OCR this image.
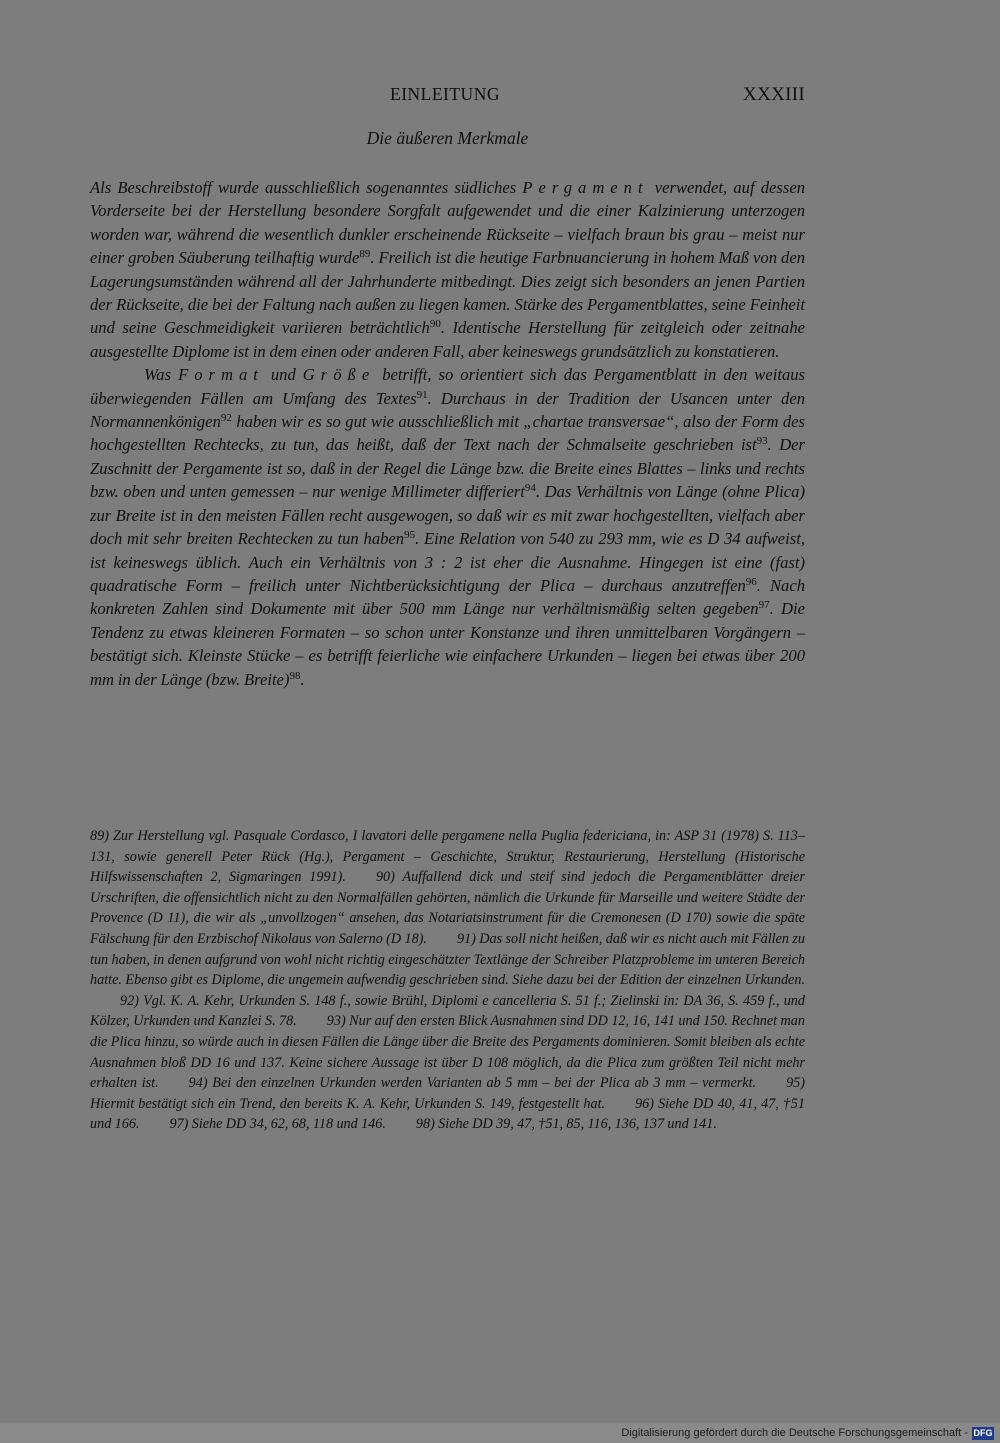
EINLEITUNG	XXXIII
Die äußeren Merkmale

Als Beschreibstoff wurde ausschließlich sogenanntes südliches Pergament verwendet, auf dessen Vorderseite bei der Herstellung besondere Sorgfalt aufgewendet und die einer Kalzinierung unterzogen worden war, während die wesentlich dunkler erscheinende Rückseite – vielfach braun bis grau – meist nur einer groben Säuberung teilhaftig wurde$^{89}$. Freilich ist die heutige Farbnuancierung in hohem Maß von den Lagerungsumständen während all der Jahrhunderte mitbedingt. Dies zeigt sich besonders an jenen Partien der Rückseite, die bei der Faltung nach außen zu liegen kamen. Stärke des Pergamentblattes, seine Feinheit und seine Geschmeidigkeit variieren beträchtlich$^{90}$. Identische Herstellung für zeitgleich oder zeitnahe ausgestellte Diplome ist in dem einen oder anderen Fall, aber keineswegs grundsätzlich zu konstatieren.

Was Format und Größe betrifft, so orientiert sich das Pergamentblatt in den weitaus überwiegenden Fällen am Umfang des Textes$^{91}$. Durchaus in der Tradition der Usancen unter den Normannenkönigen$^{92}$ haben wir es so gut wie ausschließlich mit „chartae transversae“, also der Form des hochgestellten Rechtecks, zu tun, das heißt, daß der Text nach der Schmalseite geschrieben ist$^{93}$. Der Zuschnitt der Pergamente ist so, daß in der Regel die Länge bzw. die Breite eines Blattes – links und rechts bzw. oben und unten gemessen – nur wenige Millimeter differiert$^{94}$. Das Verhältnis von Länge (ohne Plica) zur Breite ist in den meisten Fällen recht ausgewogen, so daß wir es mit zwar hochgestellten, vielfach aber doch mit sehr breiten Rechtecken zu tun haben$^{95}$. Eine Relation von 540 zu 293 mm, wie es D 34 aufweist, ist keineswegs üblich. Auch ein Verhältnis von 3 : 2 ist eher die Ausnahme. Hingegen ist eine (fast) quadratische Form – freilich unter Nichtberücksichtigung der Plica – durchaus anzutreffen$^{96}$. Nach konkreten Zahlen sind Dokumente mit über 500 mm Länge nur verhältnismäßig selten gegeben$^{97}$. Die Tendenz zu etwas kleineren Formaten – so schon unter Konstanze und ihren unmittelbaren Vorgängern – bestätigt sich. Kleinste Stücke – es betrifft feierliche wie einfachere Urkunden – liegen bei etwas über 200 mm in der Länge (bzw. Breite)$^{98}$.

89) Zur Herstellung vgl. Pasquale Cordasco, I lavatori delle pergamene nella Puglia federiciana, in: ASP 31 (1978) S. 113–131, sowie generell Peter Rück (Hg.), Pergament – Geschichte, Struktur, Restaurierung, Herstellung (Historische Hilfswissenschaften 2, Sigmaringen 1991). 90) Auffallend dick und steif sind jedoch die Pergamentblätter dreier Urschriften, die offensichtlich nicht zu den Normalfällen gehörten, nämlich die Urkunde für Marseille und weitere Städte der Provence (D 11), die wir als „unvollzogen“ ansehen, das Notariatsinstrument für die Cremonesen (D 170) sowie die späte Fälschung für den Erzbischof Nikolaus von Salerno (D 18). 91) Das soll nicht heißen, daß wir es nicht auch mit Fällen zu tun haben, in denen aufgrund von wohl nicht richtig eingeschätzter Textlänge der Schreiber Platzprobleme im unteren Bereich hatte. Ebenso gibt es Diplome, die ungemein aufwendig geschrieben sind. Siehe dazu bei der Edition der einzelnen Urkunden.92) Vgl. K. A. Kehr, Urkunden S. 148 f., sowie Brühl, Diplomi e cancelleria S. 51 f.; Zielinski in: DA 36, S. 459 f., und Kölzer, Urkunden und Kanzlei S. 78. 93) Nur auf den ersten Blick Ausnahmen sind DD 12, 16, 141 und 150. Rechnet man die Plica hinzu, so würde auch in diesen Fällen die Länge über die Breite des Pergaments dominieren. Somit bleiben als echte Ausnahmen bloß DD 16 und 137. Keine sichere Aussage ist über D 108 möglich, da die Plica zum größten Teil nicht mehr erhalten ist. 94) Bei den einzelnen Urkunden werden Varianten ab 5 mm – bei der Plica ab 3 mm – vermerkt. 95) Hiermit bestätigt sich ein Trend, den bereits K. A. Kehr, Urkunden S. 149, festgestellt hat. 96) Siehe DD 40, 41, 47, †51 und 166. 97) Siehe DD 34, 62, 68, 118 und 146. 98) Siehe DD 39, 47, †51, 85, 116, 136, 137 und 141.
Digitalisierung gefördert durch die Deutsche Forschungsgemeinschaft - DFG
